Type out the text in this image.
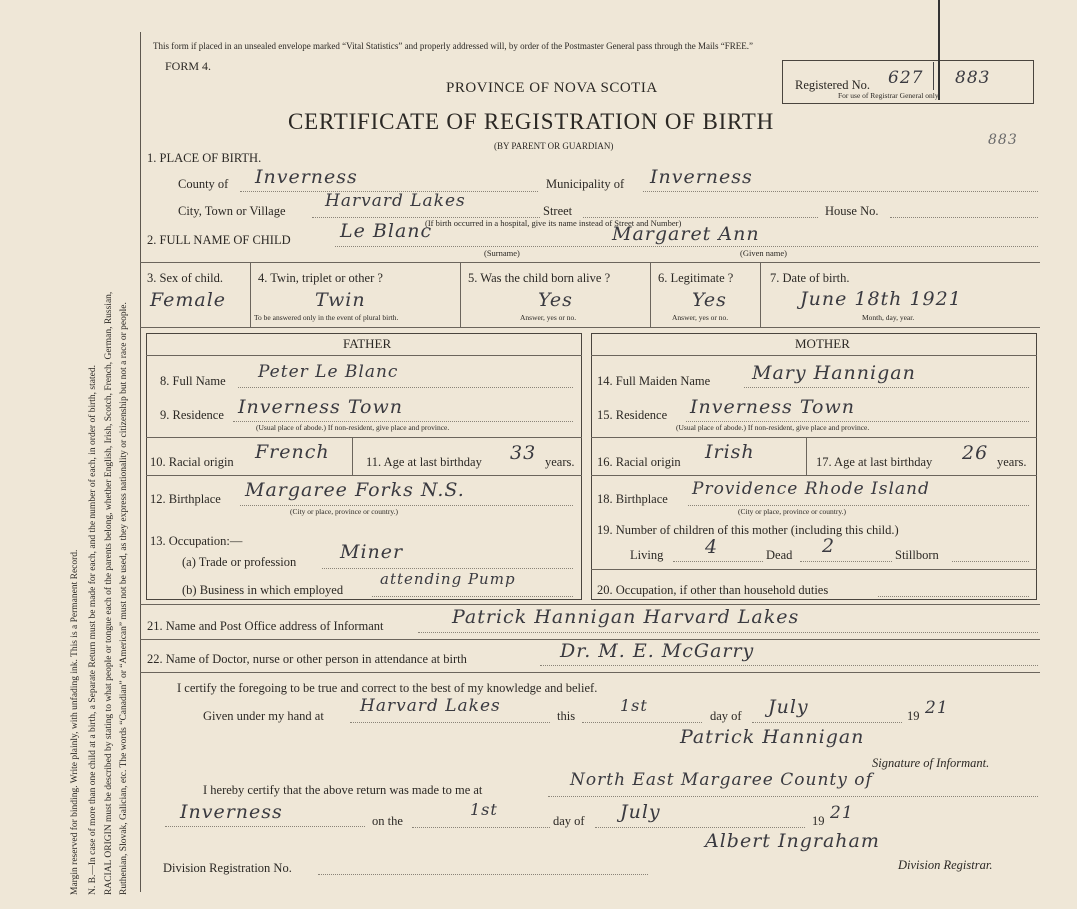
Margin reserved for binding. Write plainly, with unfading ink. This is a Permanent Record. N. B.—In case of more than one child at a birth, a Separate Return must be made for each, and the number of each, in order of birth, stated. RACIAL ORIGIN must be described by stating to what people or tongue each of the parents belong, whether English, Irish, Scotch, French, German, Russian, Ruthenian, Slovak, Galician, etc. The words “Canadian” or “American” must not be used, as they express nationality or citizenship but not a race or people.
This form if placed in an unsealed envelope marked “Vital Statistics” and properly addressed will, by order of the Postmaster General pass through the Mails “FREE.”
FORM 4.
PROVINCE OF NOVA SCOTIA
CERTIFICATE OF REGISTRATION OF BIRTH
(BY PARENT OR GUARDIAN)
Registered No. 627 883
For use of Registrar General only.
883
1. PLACE OF BIRTH.
County of Inverness	Municipality of Inverness
City, Town or Village Harvard Lakes	Street	House No.
(If birth occurred in a hospital, give its name instead of Street and Number)
2. FULL NAME OF CHILD	Le Blanc
(Surname)
Margaret Ann
(Given name)
3. Sex of child.
Female
4. Twin, triplet or other ?
Twin
To be answered only in the event of plural birth.
5. Was the child born alive ?
Yes
Answer, yes or no.
6. Legitimate ?
Yes
Answer, yes or no.
7. Date of birth.
June 18th 1921
Month, day, year.
FATHER	MOTHER
8. Full Name Peter Le Blanc
9. Residence Inverness Town
(Usual place of abode.) If non-resident, give place and province.
10. Racial origin French	11. Age at last birthday 33 years.
12. Birthplace Margaree Forks N.S.
(City or place, province or country.)
13. Occupation:—
(a) Trade or profession Miner
(b) Business in which employed
attending Pump
14. Full Maiden Name Mary Hannigan
15. Residence Inverness Town
(Usual place of abode.) If non-resident, give place and province.
16. Racial origin Irish	17. Age at last birthday 26 years.
18. Birthplace Providence Rhode Island
(City or place, province or country.)
19. Number of children of this mother (including this child.)
Living 4	Dead 2	Stillborn
20. Occupation, if other than household duties
21. Name and Post Office address of Informant	Patrick Hannigan Harvard Lakes
22. Name of Doctor, nurse or other person in attendance at birth	Dr. M. E. McGarry
I certify the foregoing to be true and correct to the best of my knowledge and belief.
Given under my hand at Harvard Lakes	this
1st
day of July	19 21
Patrick Hannigan
Signature of Informant.
I hereby certify that the above return was made to me at	North East Margaree County of
Inverness	on the
1st
day of July	19 21
Albert Ingraham
Division Registrar.
Division Registration No.
